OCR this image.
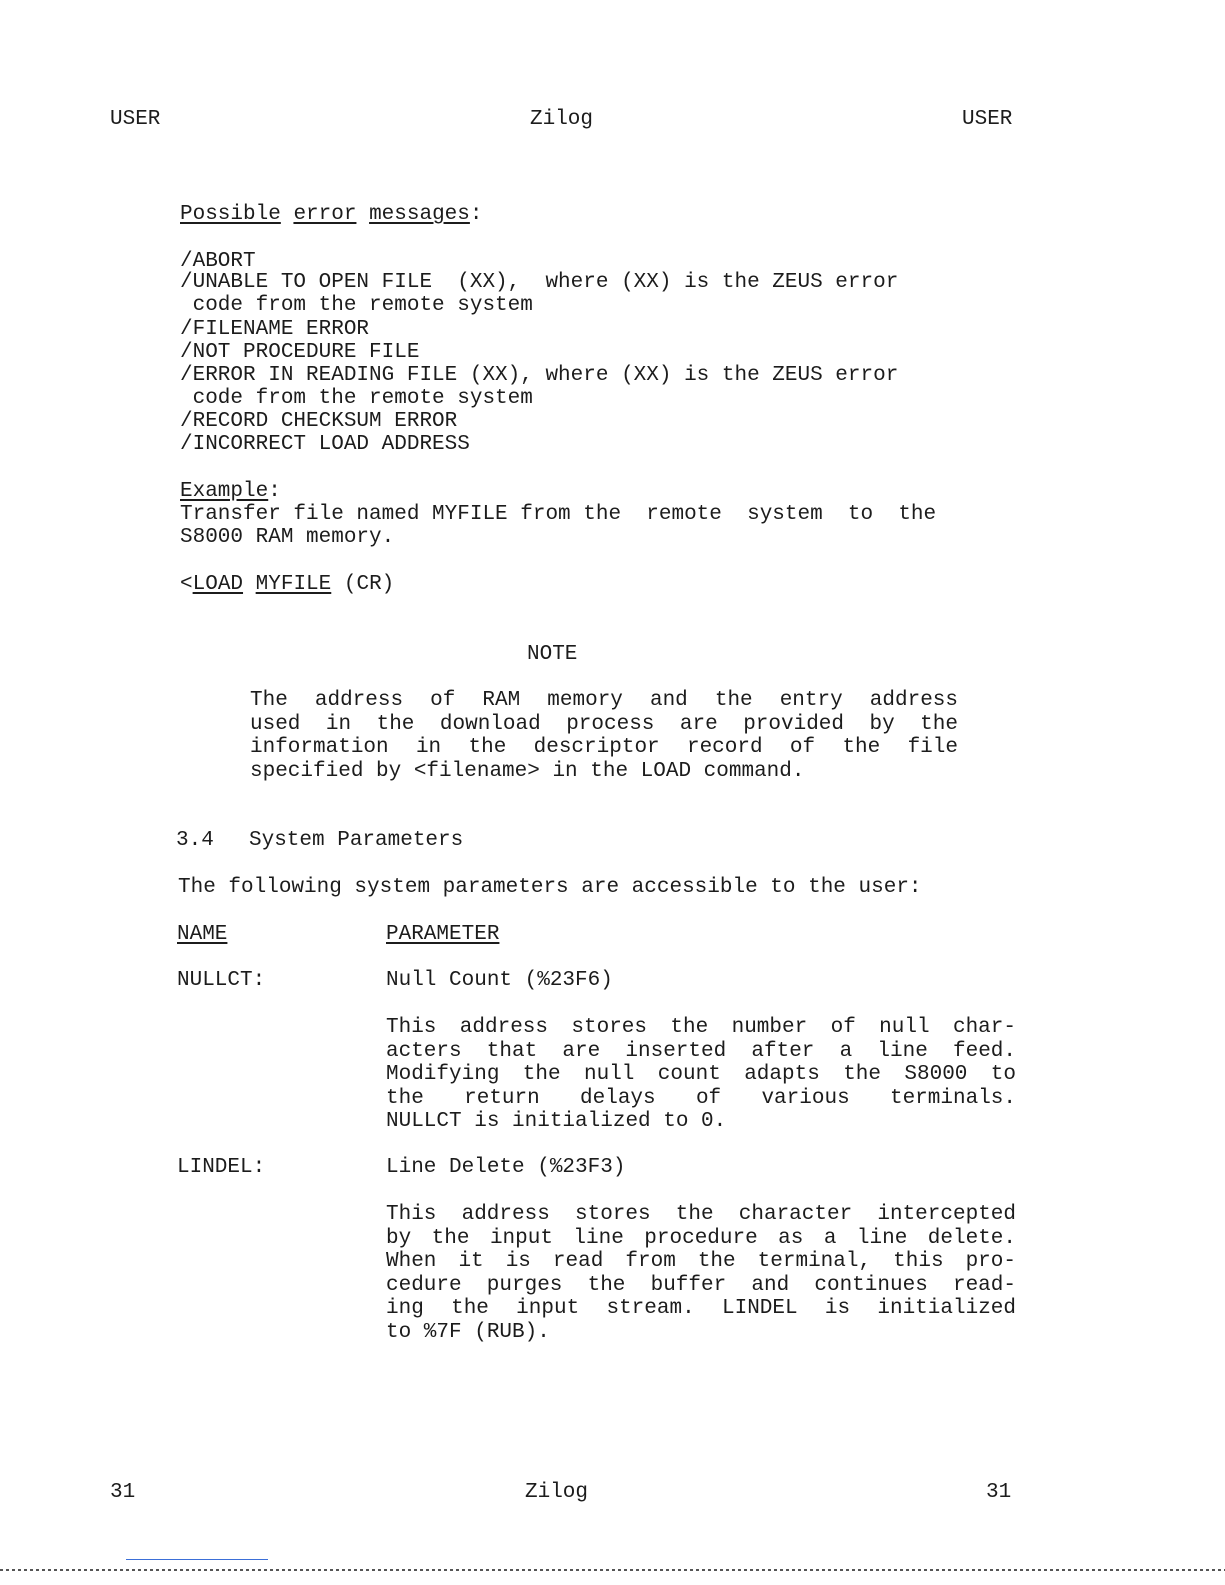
USER	Zilog	USER
Possible error messages:
/ABORT
/UNABLE TO OPEN FILE  (XX),  where (XX) is the ZEUS error
code from the remote system
/FILENAME ERROR
/NOT PROCEDURE FILE
/ERROR IN READING FILE (XX), where (XX) is the ZEUS error
code from the remote system
/RECORD CHECKSUM ERROR
/INCORRECT LOAD ADDRESS
Example:
Transfer file named MYFILE from the  remote  system  to  the
S8000 RAM memory.
<LOAD MYFILE (CR)
NOTE
The address of RAM memory and the entry address
used in the download process are provided by the
information in the descriptor record of the file
specified by <filename> in the LOAD command.
3.4 System Parameters
The following system parameters are accessible to the user:
NAME	PARAMETER
NULLCT:	Null Count (%23F6)
This address stores the number of null char-
acters that are inserted after a line feed.
Modifying the null count adapts the S8000 to
the return delays of various terminals.
NULLCT is initialized to 0.
LINDEL:	Line Delete (%23F3)
This address stores the character intercepted
by the input line procedure as a line delete.
When it is read from the terminal, this pro-
cedure purges the buffer and continues read-
ing the input stream. LINDEL is initialized
to %7F (RUB).
31	Zilog	31
